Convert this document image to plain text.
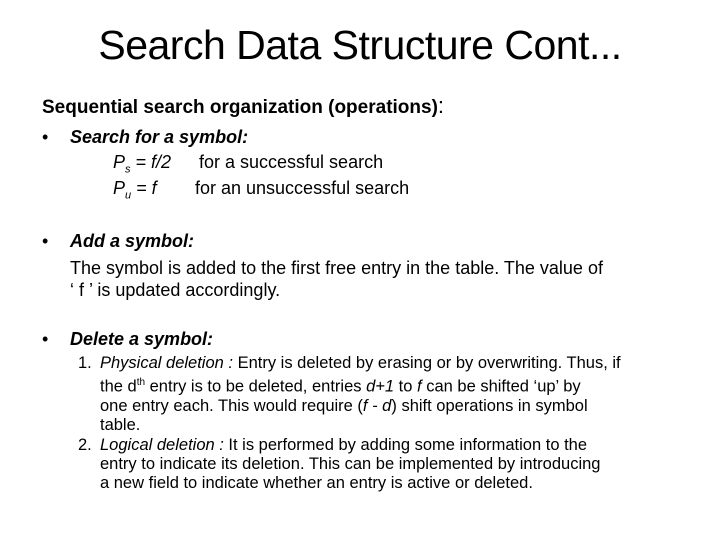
Search Data Structure Cont...
Sequential search organization (operations):
• Search for a symbol:
$P_s = f/2$ for a successful search
$P_u = f$ for an unsuccessful search
• Add a symbol:
The symbol is added to the first free entry in the table. The value of
‘ f ’ is updated accordingly.
• Delete a symbol:
1. Physical deletion : Entry is deleted by erasing or by overwriting. Thus, if
the $d^{th}$ entry is to be deleted, entries d+1 to f can be shifted ‘up’ by
one entry each. This would require (f - d) shift operations in symbol
table.
2. Logical deletion : It is performed by adding some information to the
entry to indicate its deletion. This can be implemented by introducing
a new field to indicate whether an entry is active or deleted.
